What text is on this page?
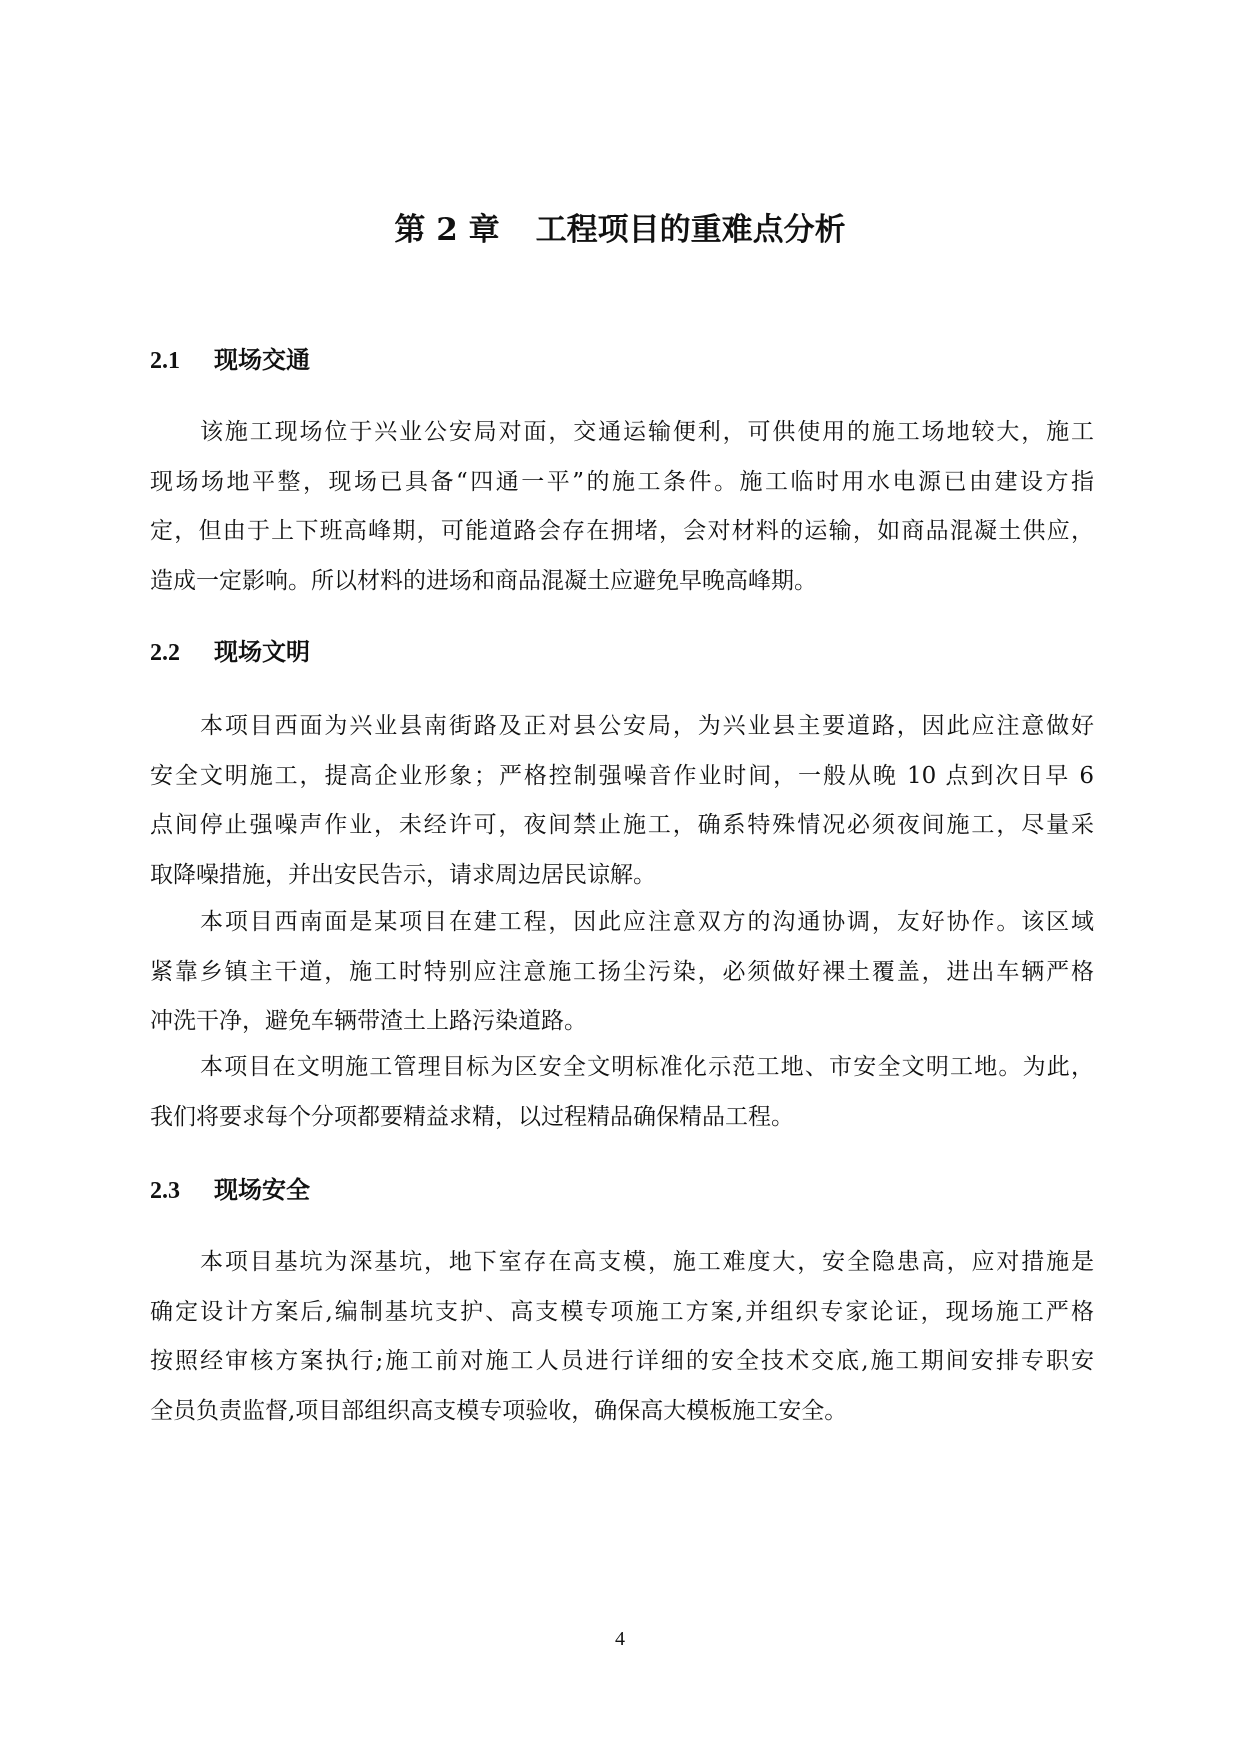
第 2 章 工程项目的重难点分析
2.1 现场交通
该施工现场位于兴业公安局对面，交通运输便利，可供使用的施工场地较大，施工
现场场地平整，现场已具备“四通一平”的施工条件。施工临时用水电源已由建设方指
定，但由于上下班高峰期，可能道路会存在拥堵，会对材料的运输，如商品混凝土供应，
造成一定影响。所以材料的进场和商品混凝土应避免早晚高峰期。
2.2 现场文明
本项目西面为兴业县南街路及正对县公安局，为兴业县主要道路，因此应注意做好
安全文明施工，提高企业形象；严格控制强噪音作业时间，一般从晚 10 点到次日早 6
点间停止强噪声作业，未经许可，夜间禁止施工，确系特殊情况必须夜间施工，尽量采
取降噪措施，并出安民告示，请求周边居民谅解。
本项目西南面是某项目在建工程，因此应注意双方的沟通协调，友好协作。该区域
紧靠乡镇主干道，施工时特别应注意施工扬尘污染，必须做好裸土覆盖，进出车辆严格
冲洗干净，避免车辆带渣土上路污染道路。
本项目在文明施工管理目标为区安全文明标准化示范工地、市安全文明工地。为此，
我们将要求每个分项都要精益求精，以过程精品确保精品工程。
2.3 现场安全
本项目基坑为深基坑，地下室存在高支模，施工难度大，安全隐患高，应对措施是
确定设计方案后,编制基坑支护、高支模专项施工方案,并组织专家论证，现场施工严格
按照经审核方案执行;施工前对施工人员进行详细的安全技术交底,施工期间安排专职安
全员负责监督,项目部组织高支模专项验收，确保高大模板施工安全。
4
